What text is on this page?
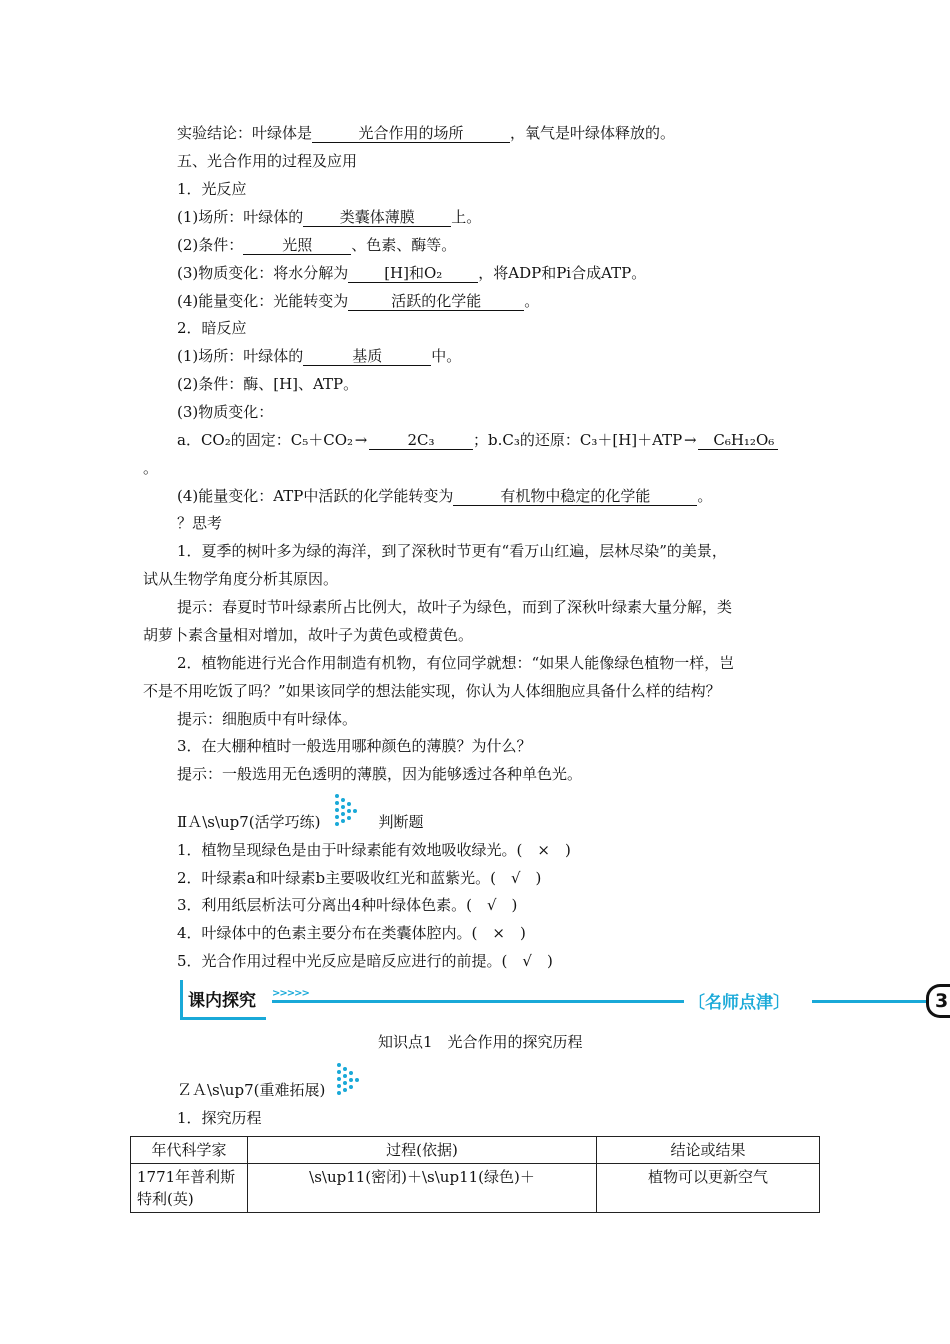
实验结论：叶绿体是	光合作用的场所	，氧气是叶绿体释放的。
五、光合作用的过程及应用
1．光反应
(1)场所：叶绿体的 类囊体薄膜 上。
(2)条件：	光照	、色素、酶等。
(3)物质变化：将水分解为 [H]和O₂ ，将ADP和Pi合成ATP。
(4)能量变化：光能转变为	活跃的化学能	。
2．暗反应
(1)场所：叶绿体的	基质	中。
(2)条件：酶、[H]、ATP。
(3)物质变化：
a．CO₂的固定：C₅＋CO₂ →	2C₃	；b.C₃的还原：C₃＋[H]＋ATP → C₆H₁₂O₆
。
(4)能量变化：ATP中活跃的化学能转变为	有机物中稳定的化学能	。
？思考
1．夏季的树叶多为绿的海洋，到了深秋时节更有“看万山红遍，层林尽染”的美景，
试从生物学角度分析其原因。
提示：春夏时节叶绿素所占比例大，故叶子为绿色，而到了深秋叶绿素大量分解，类
胡萝卜素含量相对增加，故叶子为黄色或橙黄色。
2．植物能进行光合作用制造有机物，有位同学就想：“如果人能像绿色植物一样，岂
不是不用吃饭了吗？”如果该同学的想法能实现，你认为人体细胞应具备什么样的结构？
提示：细胞质中有叶绿体。
3．在大棚种植时一般选用哪种颜色的薄膜？为什么？
提示：一般选用无色透明的薄膜，因为能够透过各种单色光。
ⅡＡ\s\up7(活学巧练)	判断题
1．植物呈现绿色是由于叶绿素能有效地吸收绿光。(　×　)
2．叶绿素a和叶绿素b主要吸收红光和蓝紫光。(　√　)
3．利用纸层析法可分离出4种叶绿体色素。(　√　)
4．叶绿体中的色素主要分布在类囊体腔内。(　×　)
5．光合作用过程中光反应是暗反应进行的前提。(　√　)
课内探究 >>>>>	〔名师点津〕	3
知识点1　光合作用的探究历程
ＺＡ\s\up7(重难拓展)
1．探究历程
年代科学家	过程(依据)	结论或结果
1771年普利斯特利(英)	\s\up11(密闭)＋\s\up11(绿色)＋	植物可以更新空气
